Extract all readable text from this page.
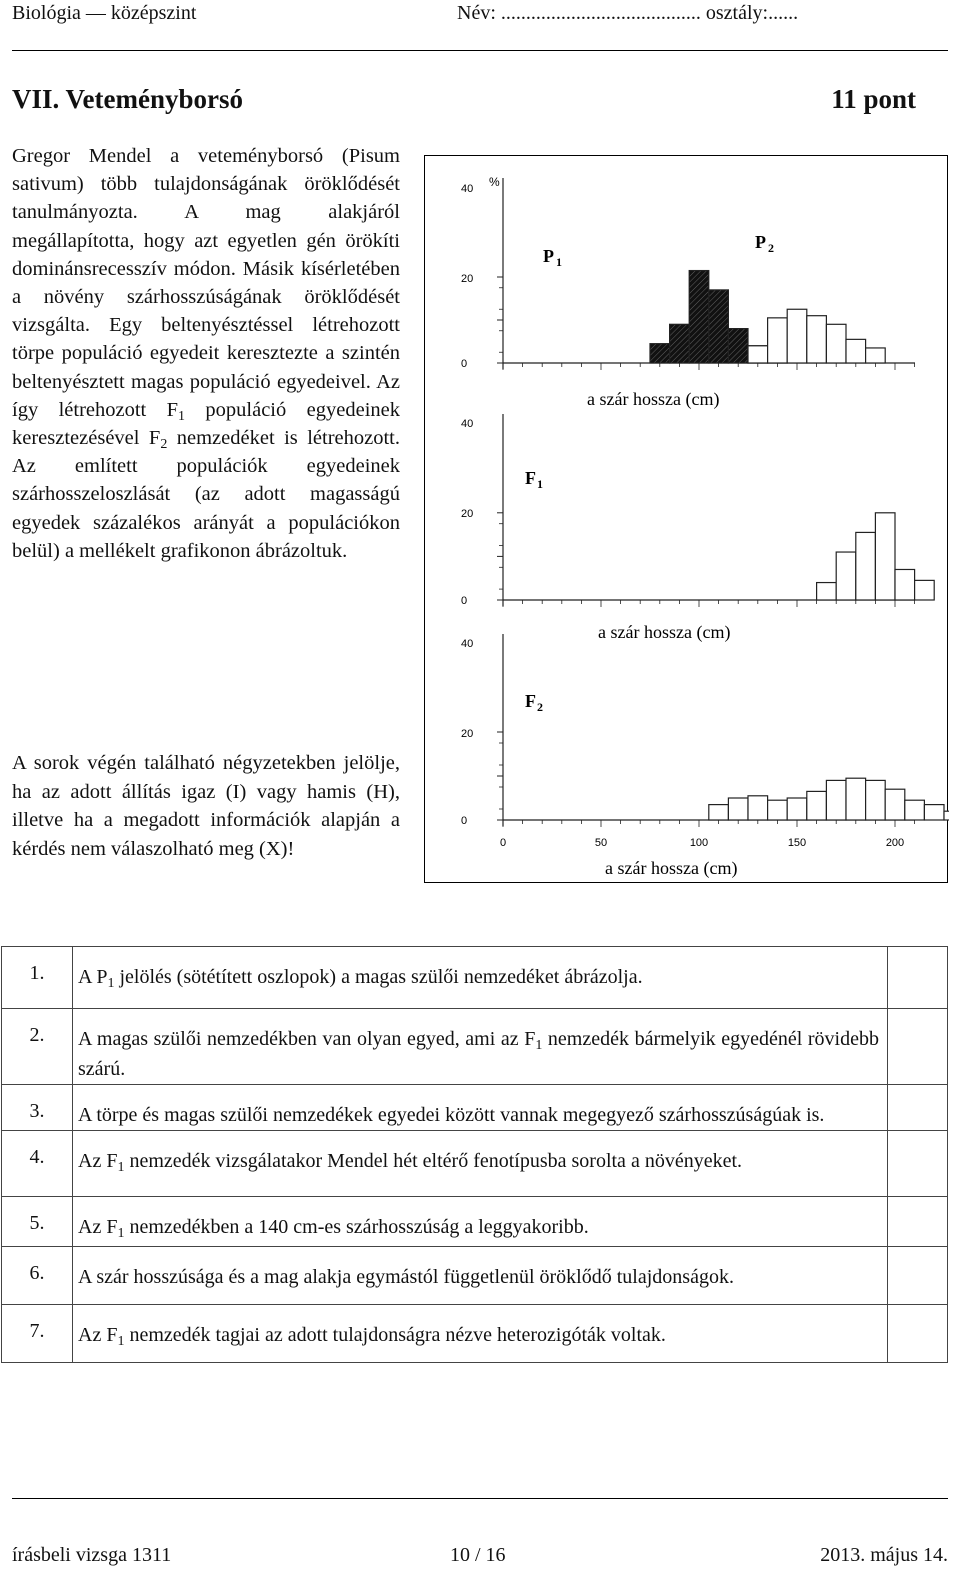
Biológia — középszint	Név: ........................................ osztály:......
VII. Veteményborsó	11 pont
Gregor Mendel a veteményborsó (Pisum sativum) több tulajdonságának öröklődését tanulmányozta. A mag alakjáról megállapította, hogy azt egyetlen gén örökíti dominánsrecesszív módon. Másik kísérletében a növény szárhosszúságának öröklődését vizsgálta. Egy beltenyésztéssel létrehozott törpe populáció egyedeit keresztezte a szintén beltenyésztett magas populáció egyedeivel. Az így létrehozott $F_1$ populáció egyedeinek keresztezésével $F_2$ nemzedéket is létrehozott. Az említett populációk egyedeinek szárhosszeloszlását (az adott magasságú egyedek százalékos arányát a populációkon belül) a mellékelt grafikonon ábrázoltuk.
A sorok végén található négyzetekben jelölje, ha az adott állítás igaz (I) vagy hamis (H), illetve ha a megadott információk alapján a kérdés nem válaszolható meg (X)!
40
20
0
40
20
0
40
20
0
%
P 1
P 2
a szár hossza (cm)
F 1
a szár hossza (cm)
F 2
0	50	100	150	200
a szár hossza (cm)
1.	A $P_1$ jelölés (sötétített oszlopok) a magas szülői nemzedéket ábrázolja.	
2.	A magas szülői nemzedékben van olyan egyed, ami az $F_1$ nemzedék bármelyik egyedénél rövidebb szárú.	
3.	A törpe és magas szülői nemzedékek egyedei között vannak megegyező szárhosszúságúak is.	
4.	Az $F_1$ nemzedék vizsgálatakor Mendel hét eltérő fenotípusba sorolta a növényeket.	
5.	Az $F_1$ nemzedékben a 140 cm-es szárhosszúság a leggyakoribb.	
6.	A szár hosszúsága és a mag alakja egymástól függetlenül öröklődő tulajdonságok.	
7.	Az $F_1$ nemzedék tagjai az adott tulajdonságra nézve heterozigóták voltak.	
írásbeli vizsga 1311	10 / 16	2013. május 14.
